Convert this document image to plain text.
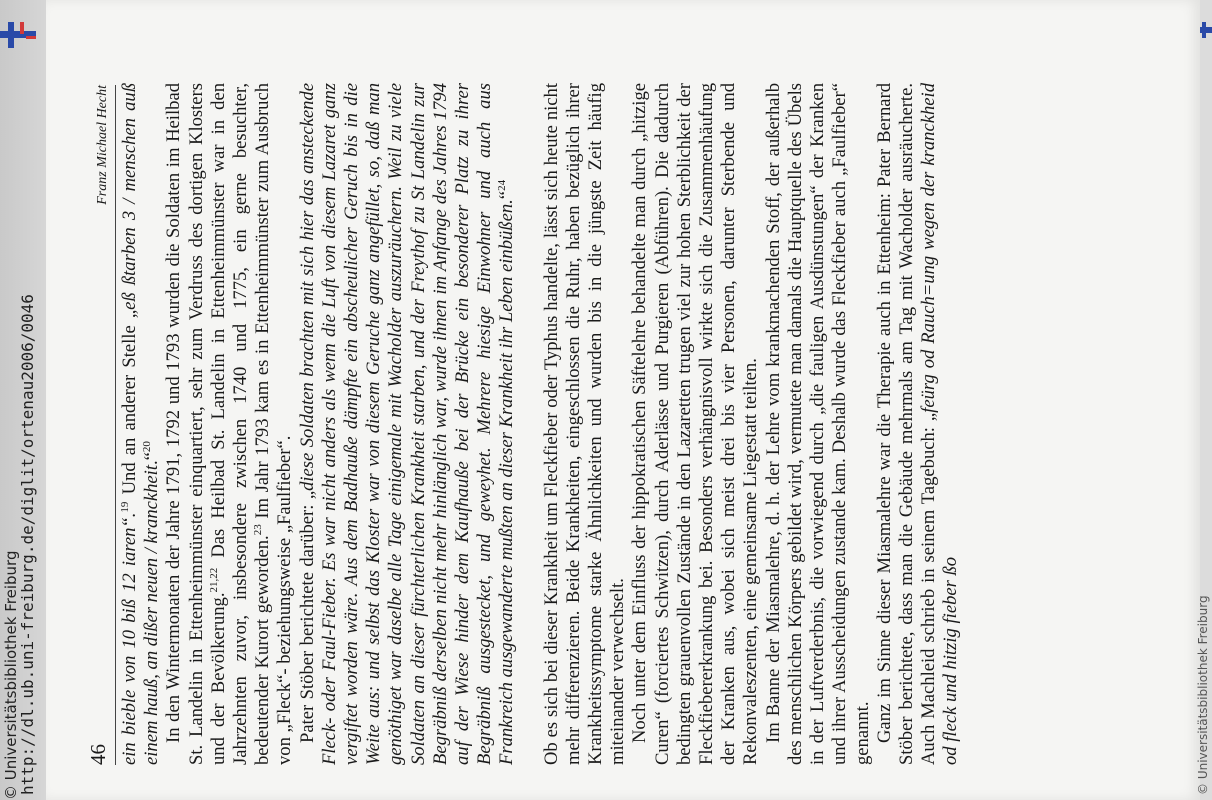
http://dl.ub.uni-freiburg.de/diglit/ortenau2006/0046
© Universitätsbibliothek Freiburg	© Universitätsbibliothek Freiburg
46
Franz Michael Hecht

ein bieble von 10 biß 12 iaren“.$^{19}$ Und an anderer Stelle „eß ßtarben 3 / menschen auß einem hauß, an dißer neuen / kranckheit.“$^{20}$ In den Wintermonaten der Jahre 1791, 1792 und 1793 wurden die Soldaten im Heilbad St. Landelin in Ettenheimmünster einquartiert, sehr zum Verdruss des dortigen Klosters und der Bevölkerung.$^{21,22}$ Das Heilbad St. Landelin in Ettenheimmünster war in den Jahrzehnten zuvor, insbesondere zwischen 1740 und 1775, ein gerne besuchter, bedeutender Kurort geworden.$^{23}$ Im Jahr 1793 kam es in Ettenheimmünster zum Ausbruch von „Fleck“- beziehungsweise „Faulfieber“. Pater Stöber berichtete darüber: „diese Soldaten brachten mit sich hier das ansteckende Fleck- oder Faul-Fieber. Es war nicht anders als wenn die Luft von diesem Lazaret ganz vergiftet worden wäre. Aus dem Badhauße dämpfte ein abscheulicher Geruch bis in die Weite aus: und selbst das Kloster war von diesem Geruche ganz angefüllet, so, daß man genöthiget war daselbe alle Tage einigemale mit Wacholder auszuräuchern. Weil zu viele Soldaten an dieser fürchterlichen Krankheit starben, und der Freythof zu St Landelin zur Begräbniß derselben nicht mehr hinlänglich war, wurde ihnen im Anfange des Jahres 1794 auf der Wiese hinder dem Kaufhauße bei der Brücke ein besonderer Platz zu ihrer Begräbniß ausgestecket, und geweyhet. Mehrere hiesige Einwohner und auch aus Frankreich ausgewanderte mußten an dieser Krankheit ihr Leben einbüßen.“$^{24}$	Ob es sich bei dieser Krankheit um Fleckfieber oder Typhus handelte, lässt sich heute nicht mehr differenzieren. Beide Krankheiten, eingeschlossen die Ruhr, haben bezüglich ihrer Krankheitssymptome starke Ähnlichkeiten und wurden bis in die jüngste Zeit häufig miteinander verwechselt. Noch unter dem Einfluss der hippokratischen Säftelehre behandelte man durch „hitzige Curen“ (forciertes Schwitzen), durch Aderlässe und Purgieren (Abführen). Die dadurch bedingten grauenvollen Zustände in den Lazaretten trugen viel zur hohen Sterblichkeit der Fleckfiebererkrankung bei. Besonders verhängnisvoll wirkte sich die Zusammenhäufung der Kranken aus, wobei sich meist drei bis vier Personen, darunter Sterbende und Rekonvaleszenten, eine gemeinsame Liegestatt teilten. Im Banne der Miasmalehre, d. h. der Lehre vom krankmachenden Stoff, der außerhalb des menschlichen Körpers gebildet wird, vermutete man damals die Hauptquelle des Übels in der Luftverderbnis, die vorwiegend durch „die fauligen Ausdünstungen“ der Kranken und ihrer Ausscheidungen zustande kam. Deshalb wurde das Fleckfieber auch „Faulfieber“ genannt. Ganz im Sinne dieser Miasmalehre war die Therapie auch in Ettenheim: Pater Bernard Stöber berichtete, dass man die Gebäude mehrmals am Tag mit Wacholder ausräucherte. Auch Machleid schrieb in seinem Tagebuch: „feürg od Rauch=ung wegen der kranckheid od fleck und hitzig fieber ßo
